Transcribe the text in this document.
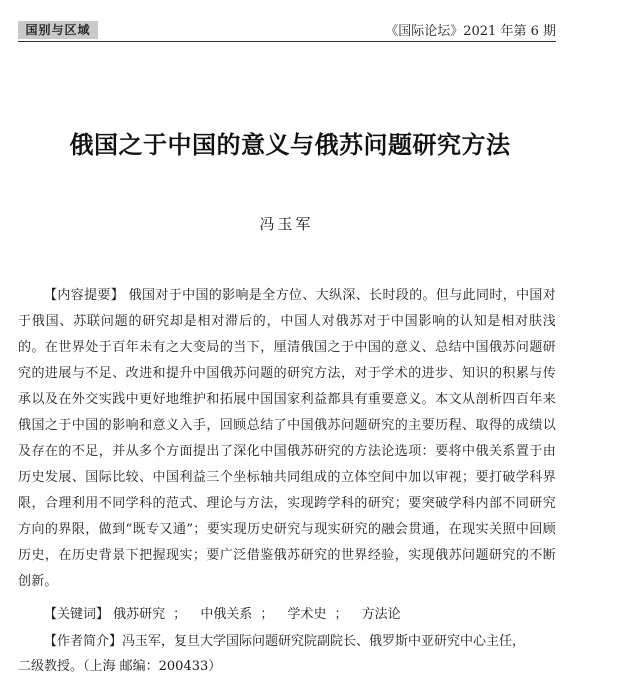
国别与区域	《国际论坛》2021 年第 6 期
俄国之于中国的意义与俄苏问题研究方法
冯玉军

【内容提要】 俄国对于中国的影响是全方位、大纵深、长时段的。但与此同时，中国对于俄国、苏联问题的研究却是相对滞后的，中国人对俄苏对于中国影响的认知是相对肤浅的。在世界处于百年未有之大变局的当下，厘清俄国之于中国的意义、总结中国俄苏问题研究的进展与不足、改进和提升中国俄苏问题的研究方法，对于学术的进步、知识的积累与传承以及在外交实践中更好地维护和拓展中国国家利益都具有重要意义。本文从剖析四百年来俄国之于中国的影响和意义入手，回顾总结了中国俄苏问题研究的主要历程、取得的成绩以及存在的不足，并从多个方面提出了深化中国俄苏研究的方法论选项：要将中俄关系置于由历史发展、国际比较、中国利益三个坐标轴共同组成的立体空间中加以审视；要打破学科界限，合理利用不同学科的范式、理论与方法，实现跨学科的研究；要突破学科内部不同研究方向的界限，做到“既专又通”；要实现历史研究与现实研究的融会贯通，在现实关照中回顾历史，在历史背景下把握现实；要广泛借鉴俄苏研究的世界经验，实现俄苏问题研究的不断创新。

【关键词】 俄苏研究 ； 中俄关系 ； 学术史 ； 方法论
【作者简介】冯玉军，复旦大学国际问题研究院副院长、俄罗斯中亚研究中心主任，
二级教授。（上海 邮编：200433）
